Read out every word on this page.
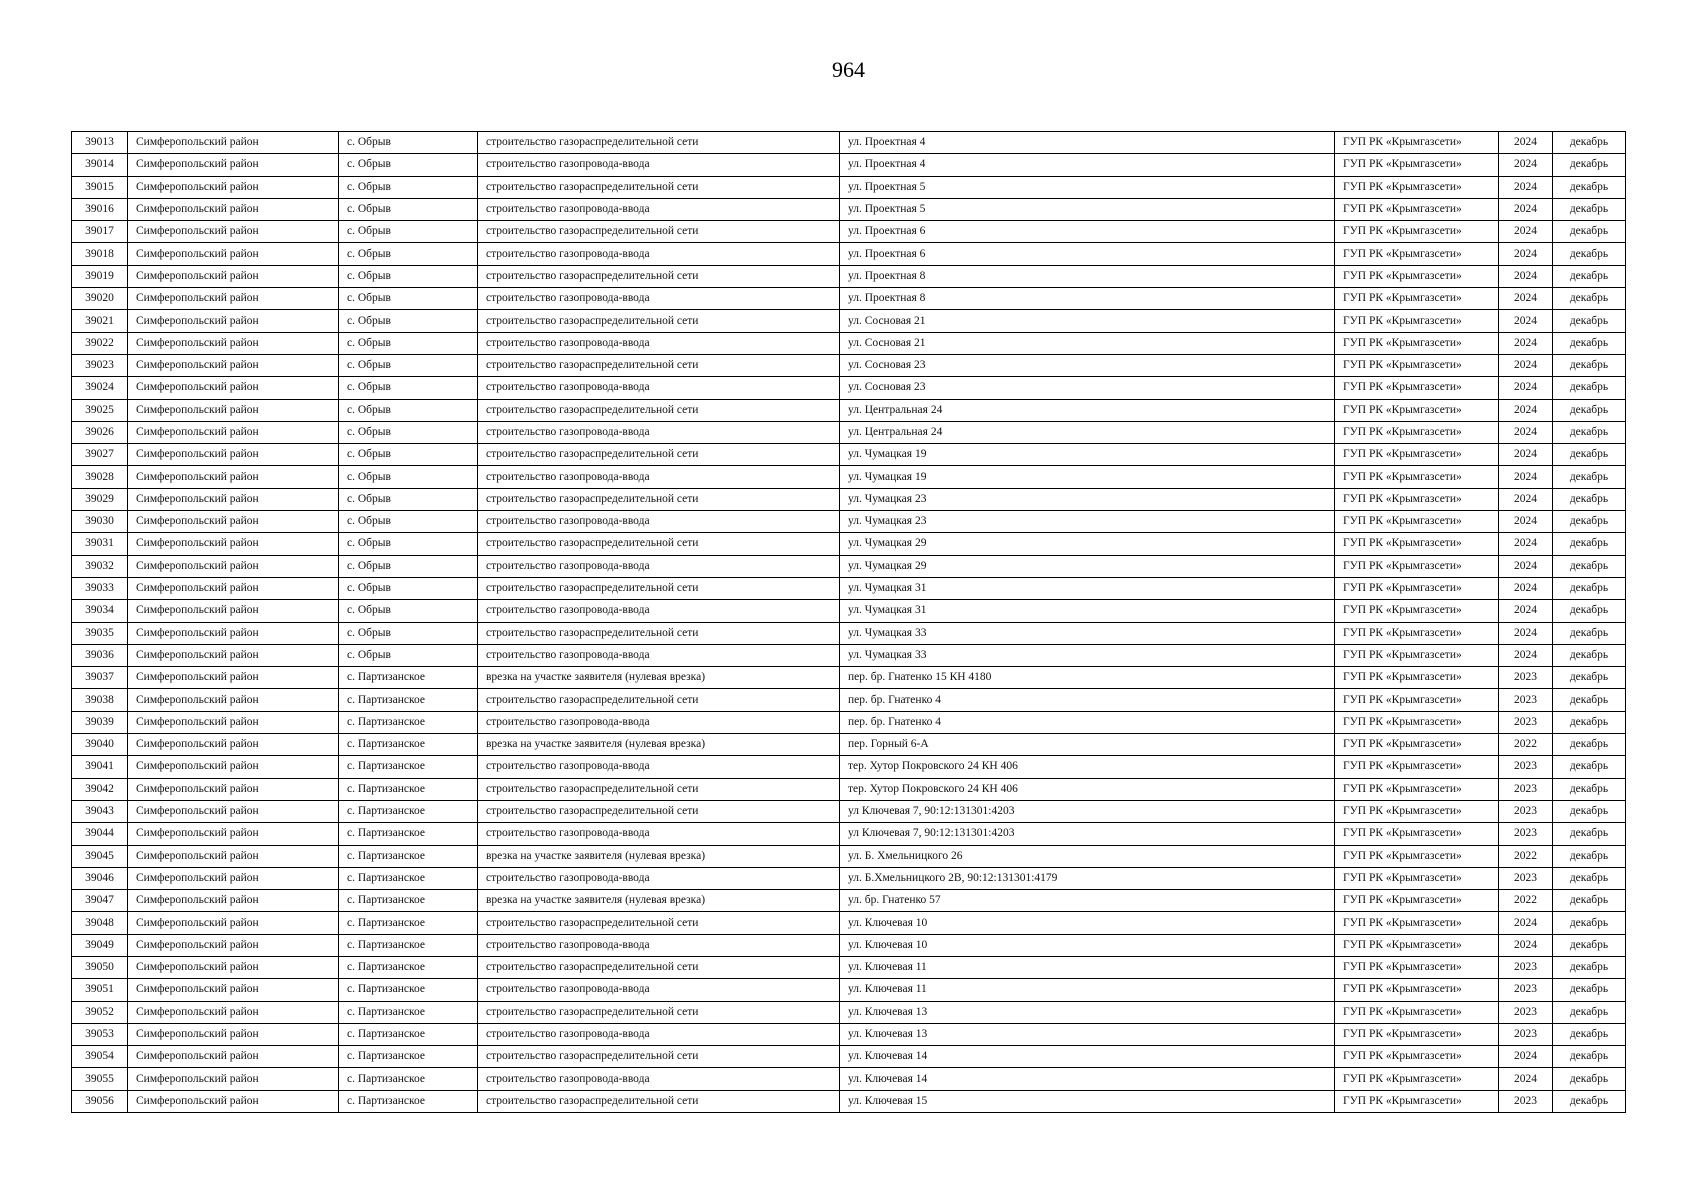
964
39013	Симферопольский район	с. Обрыв	строительство газораспределительной сети	ул. Проектная 4	ГУП РК «Крымгазсети»	2024	декабрь
39014	Симферопольский район	с. Обрыв	строительство газопровода-ввода	ул. Проектная 4	ГУП РК «Крымгазсети»	2024	декабрь
39015	Симферопольский район	с. Обрыв	строительство газораспределительной сети	ул. Проектная 5	ГУП РК «Крымгазсети»	2024	декабрь
39016	Симферопольский район	с. Обрыв	строительство газопровода-ввода	ул. Проектная 5	ГУП РК «Крымгазсети»	2024	декабрь
39017	Симферопольский район	с. Обрыв	строительство газораспределительной сети	ул. Проектная 6	ГУП РК «Крымгазсети»	2024	декабрь
39018	Симферопольский район	с. Обрыв	строительство газопровода-ввода	ул. Проектная 6	ГУП РК «Крымгазсети»	2024	декабрь
39019	Симферопольский район	с. Обрыв	строительство газораспределительной сети	ул. Проектная 8	ГУП РК «Крымгазсети»	2024	декабрь
39020	Симферопольский район	с. Обрыв	строительство газопровода-ввода	ул. Проектная 8	ГУП РК «Крымгазсети»	2024	декабрь
39021	Симферопольский район	с. Обрыв	строительство газораспределительной сети	ул. Сосновая 21	ГУП РК «Крымгазсети»	2024	декабрь
39022	Симферопольский район	с. Обрыв	строительство газопровода-ввода	ул. Сосновая 21	ГУП РК «Крымгазсети»	2024	декабрь
39023	Симферопольский район	с. Обрыв	строительство газораспределительной сети	ул. Сосновая 23	ГУП РК «Крымгазсети»	2024	декабрь
39024	Симферопольский район	с. Обрыв	строительство газопровода-ввода	ул. Сосновая 23	ГУП РК «Крымгазсети»	2024	декабрь
39025	Симферопольский район	с. Обрыв	строительство газораспределительной сети	ул. Центральная 24	ГУП РК «Крымгазсети»	2024	декабрь
39026	Симферопольский район	с. Обрыв	строительство газопровода-ввода	ул. Центральная 24	ГУП РК «Крымгазсети»	2024	декабрь
39027	Симферопольский район	с. Обрыв	строительство газораспределительной сети	ул. Чумацкая 19	ГУП РК «Крымгазсети»	2024	декабрь
39028	Симферопольский район	с. Обрыв	строительство газопровода-ввода	ул. Чумацкая 19	ГУП РК «Крымгазсети»	2024	декабрь
39029	Симферопольский район	с. Обрыв	строительство газораспределительной сети	ул. Чумацкая 23	ГУП РК «Крымгазсети»	2024	декабрь
39030	Симферопольский район	с. Обрыв	строительство газопровода-ввода	ул. Чумацкая 23	ГУП РК «Крымгазсети»	2024	декабрь
39031	Симферопольский район	с. Обрыв	строительство газораспределительной сети	ул. Чумацкая 29	ГУП РК «Крымгазсети»	2024	декабрь
39032	Симферопольский район	с. Обрыв	строительство газопровода-ввода	ул. Чумацкая 29	ГУП РК «Крымгазсети»	2024	декабрь
39033	Симферопольский район	с. Обрыв	строительство газораспределительной сети	ул. Чумацкая 31	ГУП РК «Крымгазсети»	2024	декабрь
39034	Симферопольский район	с. Обрыв	строительство газопровода-ввода	ул. Чумацкая 31	ГУП РК «Крымгазсети»	2024	декабрь
39035	Симферопольский район	с. Обрыв	строительство газораспределительной сети	ул. Чумацкая 33	ГУП РК «Крымгазсети»	2024	декабрь
39036	Симферопольский район	с. Обрыв	строительство газопровода-ввода	ул. Чумацкая 33	ГУП РК «Крымгазсети»	2024	декабрь
39037	Симферопольский район	с. Партизанское	врезка на участке заявителя (нулевая врезка)	пер. бр. Гнатенко 15 КН 4180	ГУП РК «Крымгазсети»	2023	декабрь
39038	Симферопольский район	с. Партизанское	строительство газораспределительной сети	пер. бр. Гнатенко 4	ГУП РК «Крымгазсети»	2023	декабрь
39039	Симферопольский район	с. Партизанское	строительство газопровода-ввода	пер. бр. Гнатенко 4	ГУП РК «Крымгазсети»	2023	декабрь
39040	Симферопольский район	с. Партизанское	врезка на участке заявителя (нулевая врезка)	пер. Горный 6-А	ГУП РК «Крымгазсети»	2022	декабрь
39041	Симферопольский район	с. Партизанское	строительство газопровода-ввода	тер. Хутор Покровского 24 КН 406	ГУП РК «Крымгазсети»	2023	декабрь
39042	Симферопольский район	с. Партизанское	строительство газораспределительной сети	тер. Хутор Покровского 24 КН 406	ГУП РК «Крымгазсети»	2023	декабрь
39043	Симферопольский район	с. Партизанское	строительство газораспределительной сети	ул Ключевая 7, 90:12:131301:4203	ГУП РК «Крымгазсети»	2023	декабрь
39044	Симферопольский район	с. Партизанское	строительство газопровода-ввода	ул Ключевая 7, 90:12:131301:4203	ГУП РК «Крымгазсети»	2023	декабрь
39045	Симферопольский район	с. Партизанское	врезка на участке заявителя (нулевая врезка)	ул. Б. Хмельницкого 26	ГУП РК «Крымгазсети»	2022	декабрь
39046	Симферопольский район	с. Партизанское	строительство газопровода-ввода	ул. Б.Хмельницкого 2В, 90:12:131301:4179	ГУП РК «Крымгазсети»	2023	декабрь
39047	Симферопольский район	с. Партизанское	врезка на участке заявителя (нулевая врезка)	ул. бр. Гнатенко 57	ГУП РК «Крымгазсети»	2022	декабрь
39048	Симферопольский район	с. Партизанское	строительство газораспределительной сети	ул. Ключевая 10	ГУП РК «Крымгазсети»	2024	декабрь
39049	Симферопольский район	с. Партизанское	строительство газопровода-ввода	ул. Ключевая 10	ГУП РК «Крымгазсети»	2024	декабрь
39050	Симферопольский район	с. Партизанское	строительство газораспределительной сети	ул. Ключевая 11	ГУП РК «Крымгазсети»	2023	декабрь
39051	Симферопольский район	с. Партизанское	строительство газопровода-ввода	ул. Ключевая 11	ГУП РК «Крымгазсети»	2023	декабрь
39052	Симферопольский район	с. Партизанское	строительство газораспределительной сети	ул. Ключевая 13	ГУП РК «Крымгазсети»	2023	декабрь
39053	Симферопольский район	с. Партизанское	строительство газопровода-ввода	ул. Ключевая 13	ГУП РК «Крымгазсети»	2023	декабрь
39054	Симферопольский район	с. Партизанское	строительство газораспределительной сети	ул. Ключевая 14	ГУП РК «Крымгазсети»	2024	декабрь
39055	Симферопольский район	с. Партизанское	строительство газопровода-ввода	ул. Ключевая 14	ГУП РК «Крымгазсети»	2024	декабрь
39056	Симферопольский район	с. Партизанское	строительство газораспределительной сети	ул. Ключевая 15	ГУП РК «Крымгазсети»	2023	декабрь
